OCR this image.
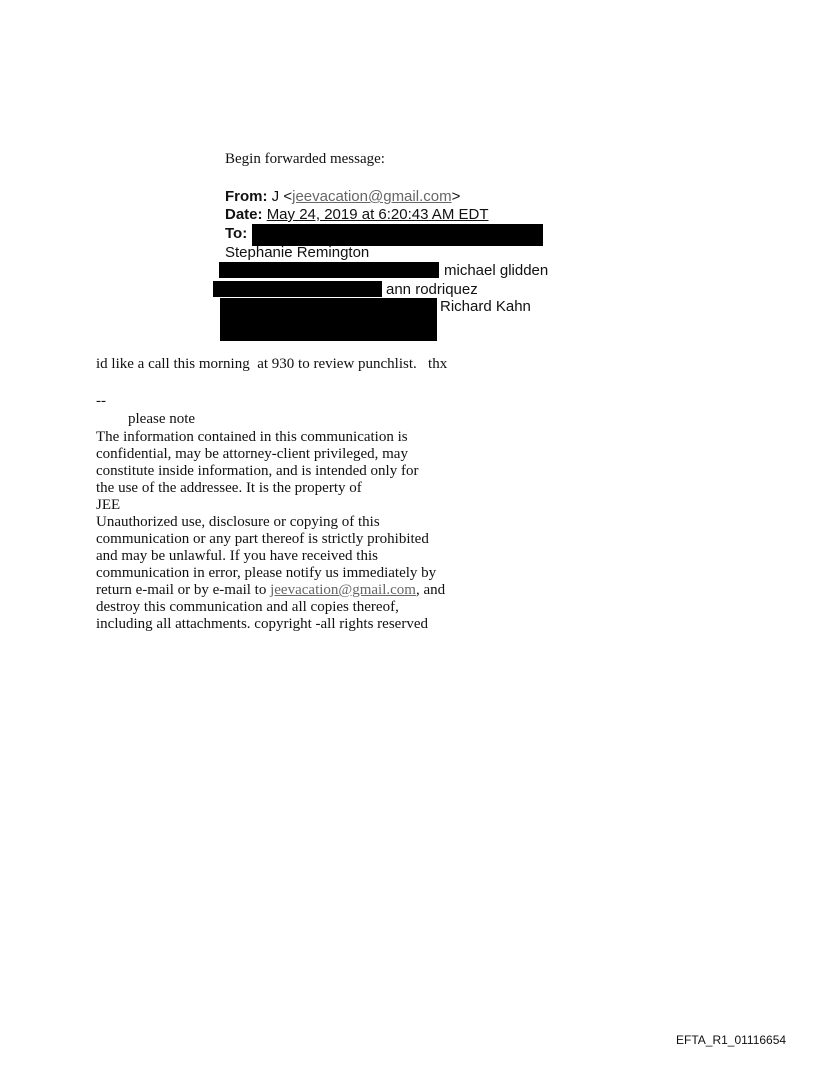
Begin forwarded message:
From: J <jeevacation@gmail.com>
Date: May 24, 2019 at 6:20:43 AM EDT
To:
Stephanie Remington
michael glidden
ann rodriquez
Richard Kahn
id like a call this morning  at 930 to review punchlist.   thx
--
please note
The information contained in this communication is
confidential, may be attorney-client privileged, may
constitute inside information, and is intended only for
the use of the addressee. It is the property of
JEE
Unauthorized use, disclosure or copying of this
communication or any part thereof is strictly prohibited
and may be unlawful. If you have received this
communication in error, please notify us immediately by
return e-mail or by e-mail to jeevacation@gmail.com, and
destroy this communication and all copies thereof,
including all attachments. copyright -all rights reserved
EFTA_R1_01116654
